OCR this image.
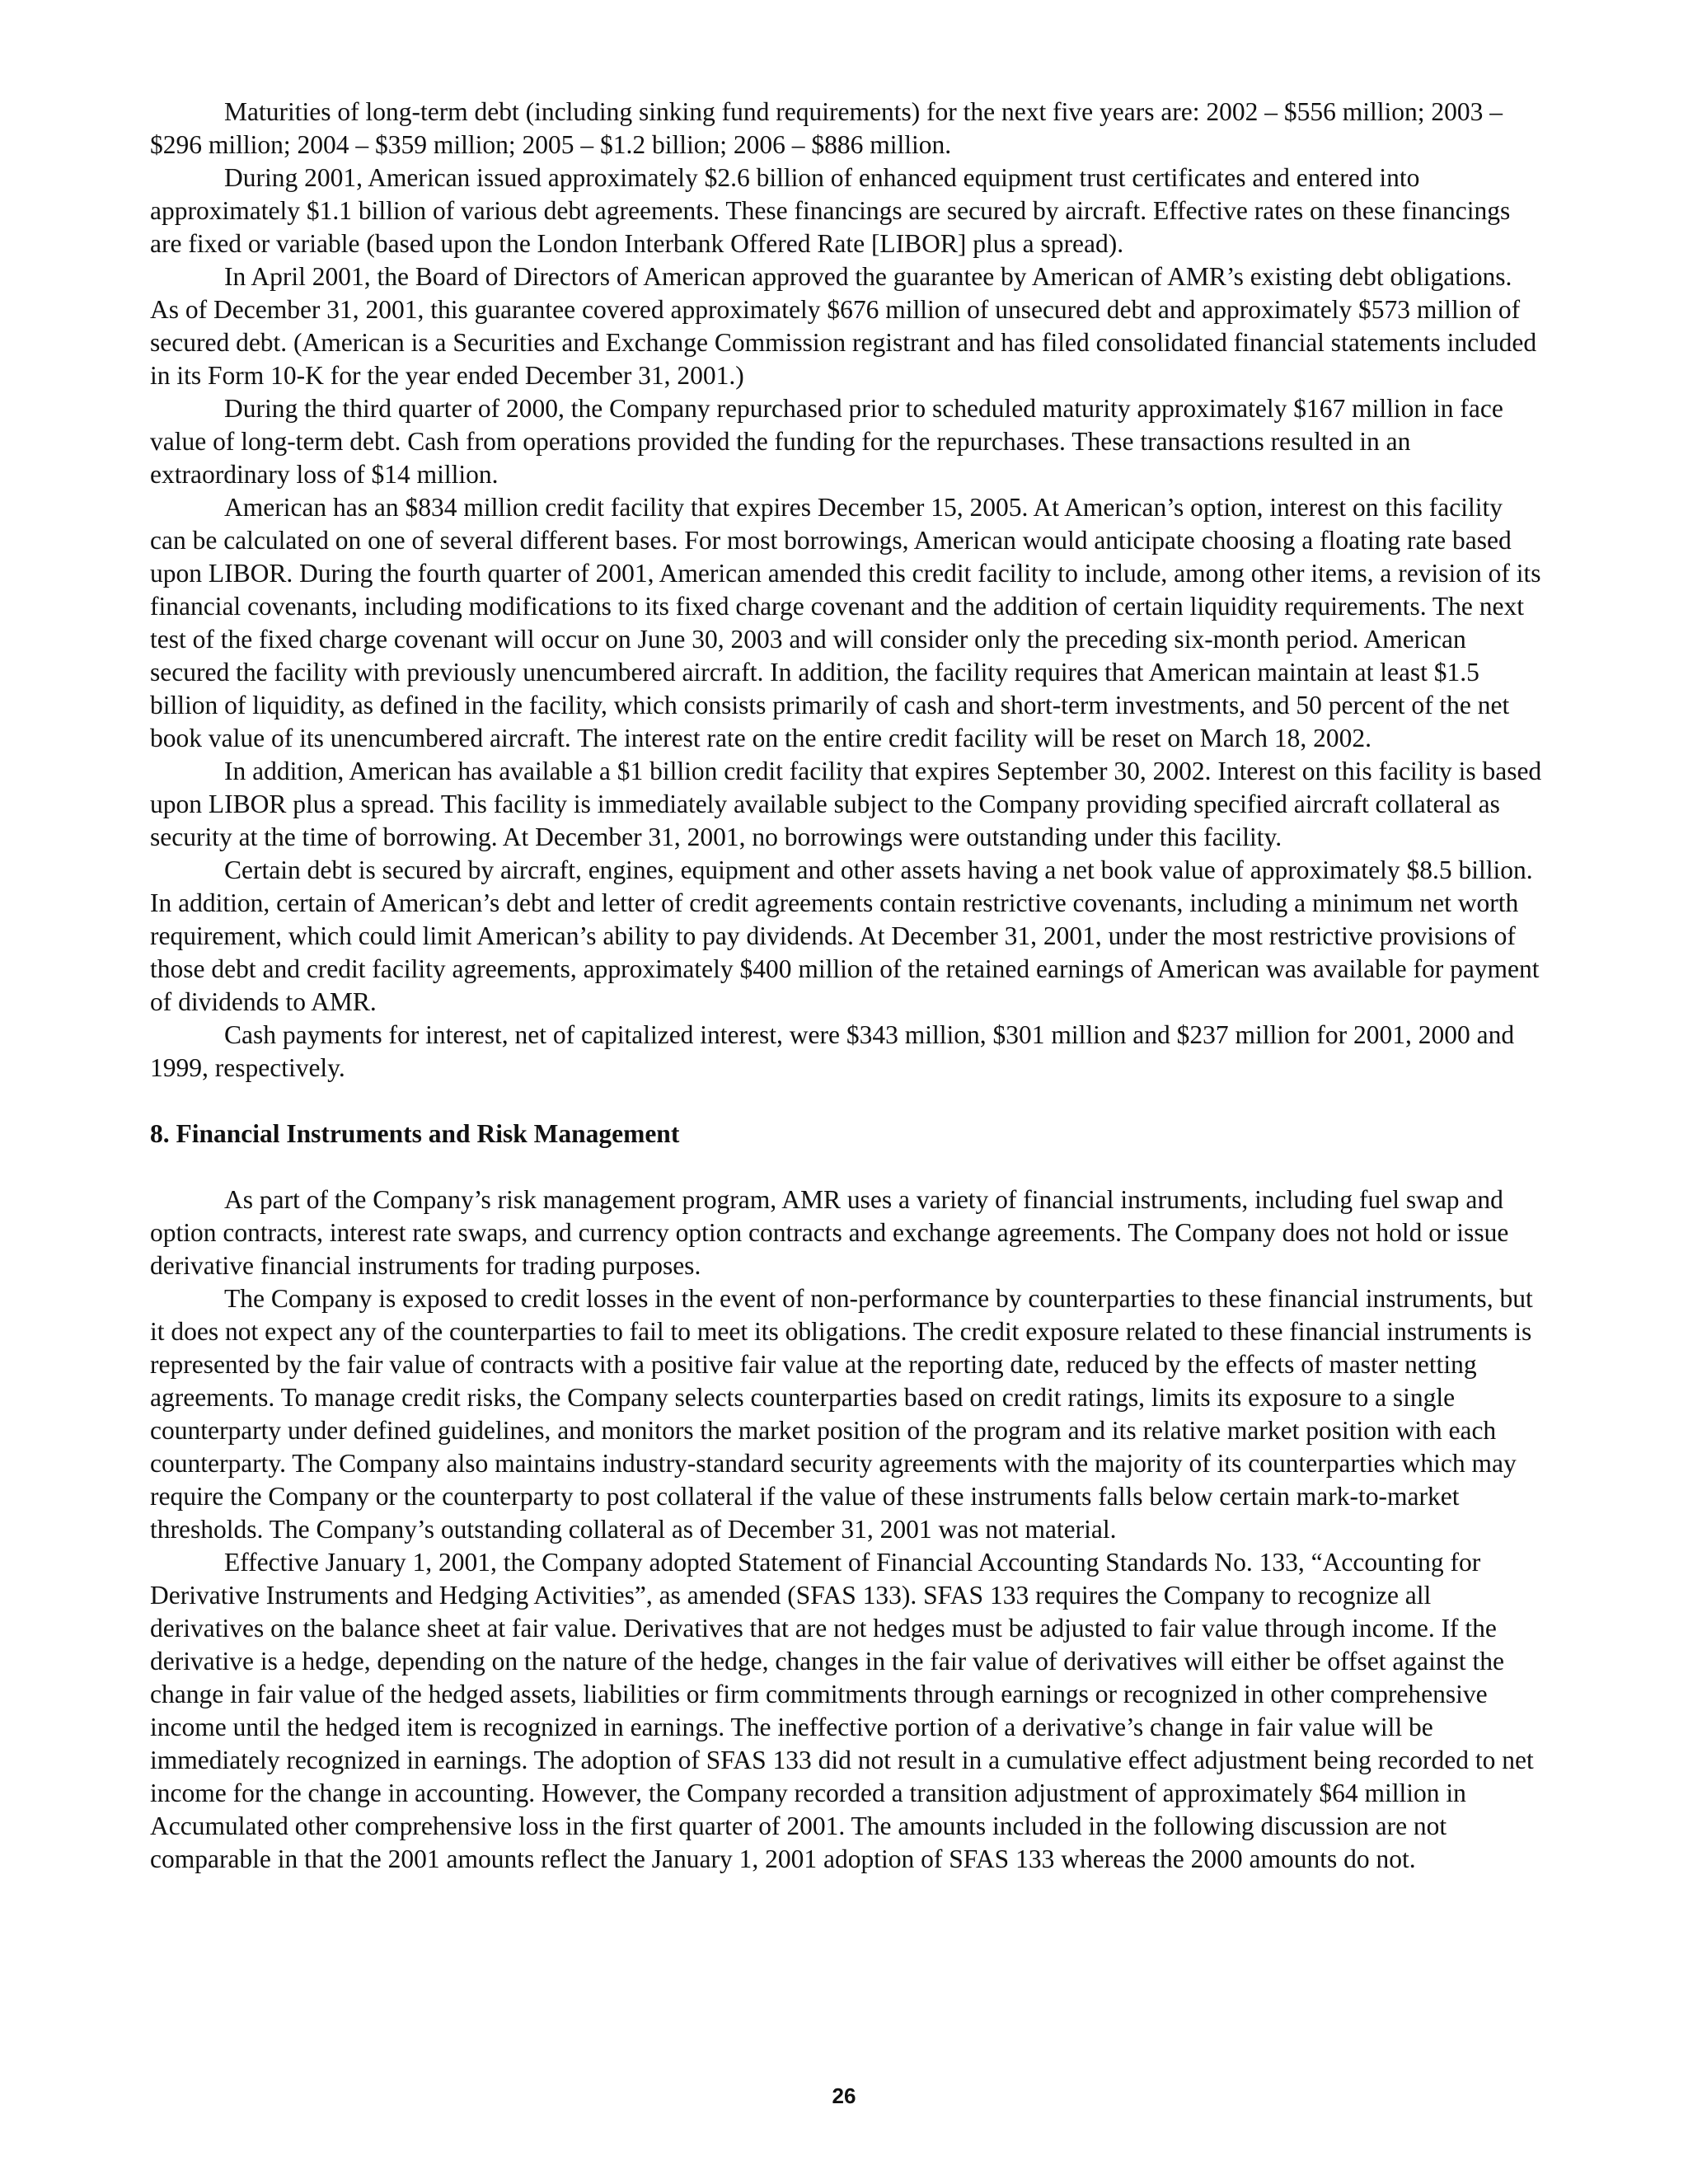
Maturities of long-term debt (including sinking fund requirements) for the next five years are: 2002 – $556 million; 2003 – $296 million; 2004 – $359 million; 2005 – $1.2 billion; 2006 – $886 million.

During 2001, American issued approximately $2.6 billion of enhanced equipment trust certificates and entered into approximately $1.1 billion of various debt agreements. These financings are secured by aircraft. Effective rates on these financings are fixed or variable (based upon the London Interbank Offered Rate [LIBOR] plus a spread).

In April 2001, the Board of Directors of American approved the guarantee by American of AMR’s existing debt obligations. As of December 31, 2001, this guarantee covered approximately $676 million of unsecured debt and approximately $573 million of secured debt. (American is a Securities and Exchange Commission registrant and has filed consolidated financial statements included in its Form 10-K for the year ended December 31, 2001.)

During the third quarter of 2000, the Company repurchased prior to scheduled maturity approximately $167 million in face value of long-term debt. Cash from operations provided the funding for the repurchases. These transactions resulted in an extraordinary loss of $14 million.

American has an $834 million credit facility that expires December 15, 2005. At American’s option, interest on this facility can be calculated on one of several different bases. For most borrowings, American would anticipate choosing a floating rate based upon LIBOR. During the fourth quarter of 2001, American amended this credit facility to include, among other items, a revision of its financial covenants, including modifications to its fixed charge covenant and the addition of certain liquidity requirements. The next test of the fixed charge covenant will occur on June 30, 2003 and will consider only the preceding six-month period. American secured the facility with previously unencumbered aircraft. In addition, the facility requires that American maintain at least $1.5 billion of liquidity, as defined in the facility, which consists primarily of cash and short-term investments, and 50 percent of the net book value of its unencumbered aircraft. The interest rate on the entire credit facility will be reset on March 18, 2002.

In addition, American has available a $1 billion credit facility that expires September 30, 2002. Interest on this facility is based upon LIBOR plus a spread. This facility is immediately available subject to the Company providing specified aircraft collateral as security at the time of borrowing. At December 31, 2001, no borrowings were outstanding under this facility.

Certain debt is secured by aircraft, engines, equipment and other assets having a net book value of approximately $8.5 billion. In addition, certain of American’s debt and letter of credit agreements contain restrictive covenants, including a minimum net worth requirement, which could limit American’s ability to pay dividends. At December 31, 2001, under the most restrictive provisions of those debt and credit facility agreements, approximately $400 million of the retained earnings of American was available for payment of dividends to AMR.

Cash payments for interest, net of capitalized interest, were $343 million, $301 million and $237 million for 2001, 2000 and 1999, respectively.

8. Financial Instruments and Risk Management

As part of the Company’s risk management program, AMR uses a variety of financial instruments, including fuel swap and option contracts, interest rate swaps, and currency option contracts and exchange agreements. The Company does not hold or issue derivative financial instruments for trading purposes.

The Company is exposed to credit losses in the event of non-performance by counterparties to these financial instruments, but it does not expect any of the counterparties to fail to meet its obligations. The credit exposure related to these financial instruments is represented by the fair value of contracts with a positive fair value at the reporting date, reduced by the effects of master netting agreements. To manage credit risks, the Company selects counterparties based on credit ratings, limits its exposure to a single counterparty under defined guidelines, and monitors the market position of the program and its relative market position with each counterparty. The Company also maintains industry-standard security agreements with the majority of its counterparties which may require the Company or the counterparty to post collateral if the value of these instruments falls below certain mark-to-market thresholds. The Company’s outstanding collateral as of December 31, 2001 was not material.

Effective January 1, 2001, the Company adopted Statement of Financial Accounting Standards No. 133, “Accounting for Derivative Instruments and Hedging Activities”, as amended (SFAS 133). SFAS 133 requires the Company to recognize all derivatives on the balance sheet at fair value. Derivatives that are not hedges must be adjusted to fair value through income. If the derivative is a hedge, depending on the nature of the hedge, changes in the fair value of derivatives will either be offset against the change in fair value of the hedged assets, liabilities or firm commitments through earnings or recognized in other comprehensive income until the hedged item is recognized in earnings. The ineffective portion of a derivative’s change in fair value will be immediately recognized in earnings. The adoption of SFAS 133 did not result in a cumulative effect adjustment being recorded to net income for the change in accounting. However, the Company recorded a transition adjustment of approximately $64 million in Accumulated other comprehensive loss in the first quarter of 2001. The amounts included in the following discussion are not comparable in that the 2001 amounts reflect the January 1, 2001 adoption of SFAS 133 whereas the 2000 amounts do not.

26
